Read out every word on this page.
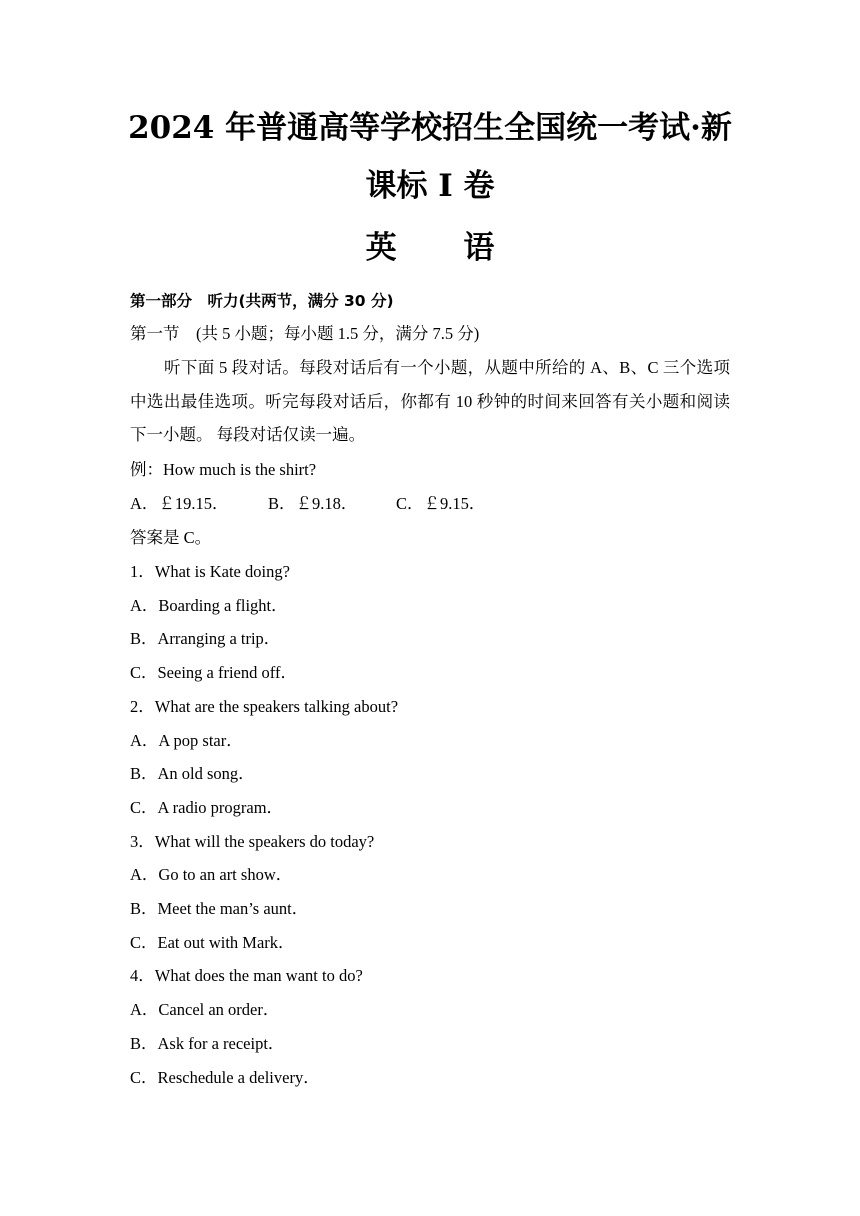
2024 年普通高等学校招生全国统一考试·新
课标 I 卷
英 语
第一部分　听力(共两节，满分 30 分)
第一节　(共 5 小题；每小题 1.5 分，满分 7.5 分)
听下面 5 段对话。每段对话后有一个小题，从题中所给的 A、B、C 三个选项中选出最佳选项。听完每段对话后，你都有 10 秒钟的时间来回答有关小题和阅读下一小题。 每段对话仅读一遍。
例：How much is the shirt?
A．￡19.15． B．￡9.18． C．￡9.15．
答案是 C。
1．What is Kate doing?
A．Boarding a flight．
B．Arranging a trip．
C．Seeing a friend off．
2．What are the speakers talking about?
A．A pop star．
B．An old song．
C．A radio program．
3．What will the speakers do today?
A．Go to an art show．
B．Meet the man’s aunt．
C．Eat out with Mark．
4．What does the man want to do?
A．Cancel an order．
B．Ask for a receipt．
C．Reschedule a delivery．
